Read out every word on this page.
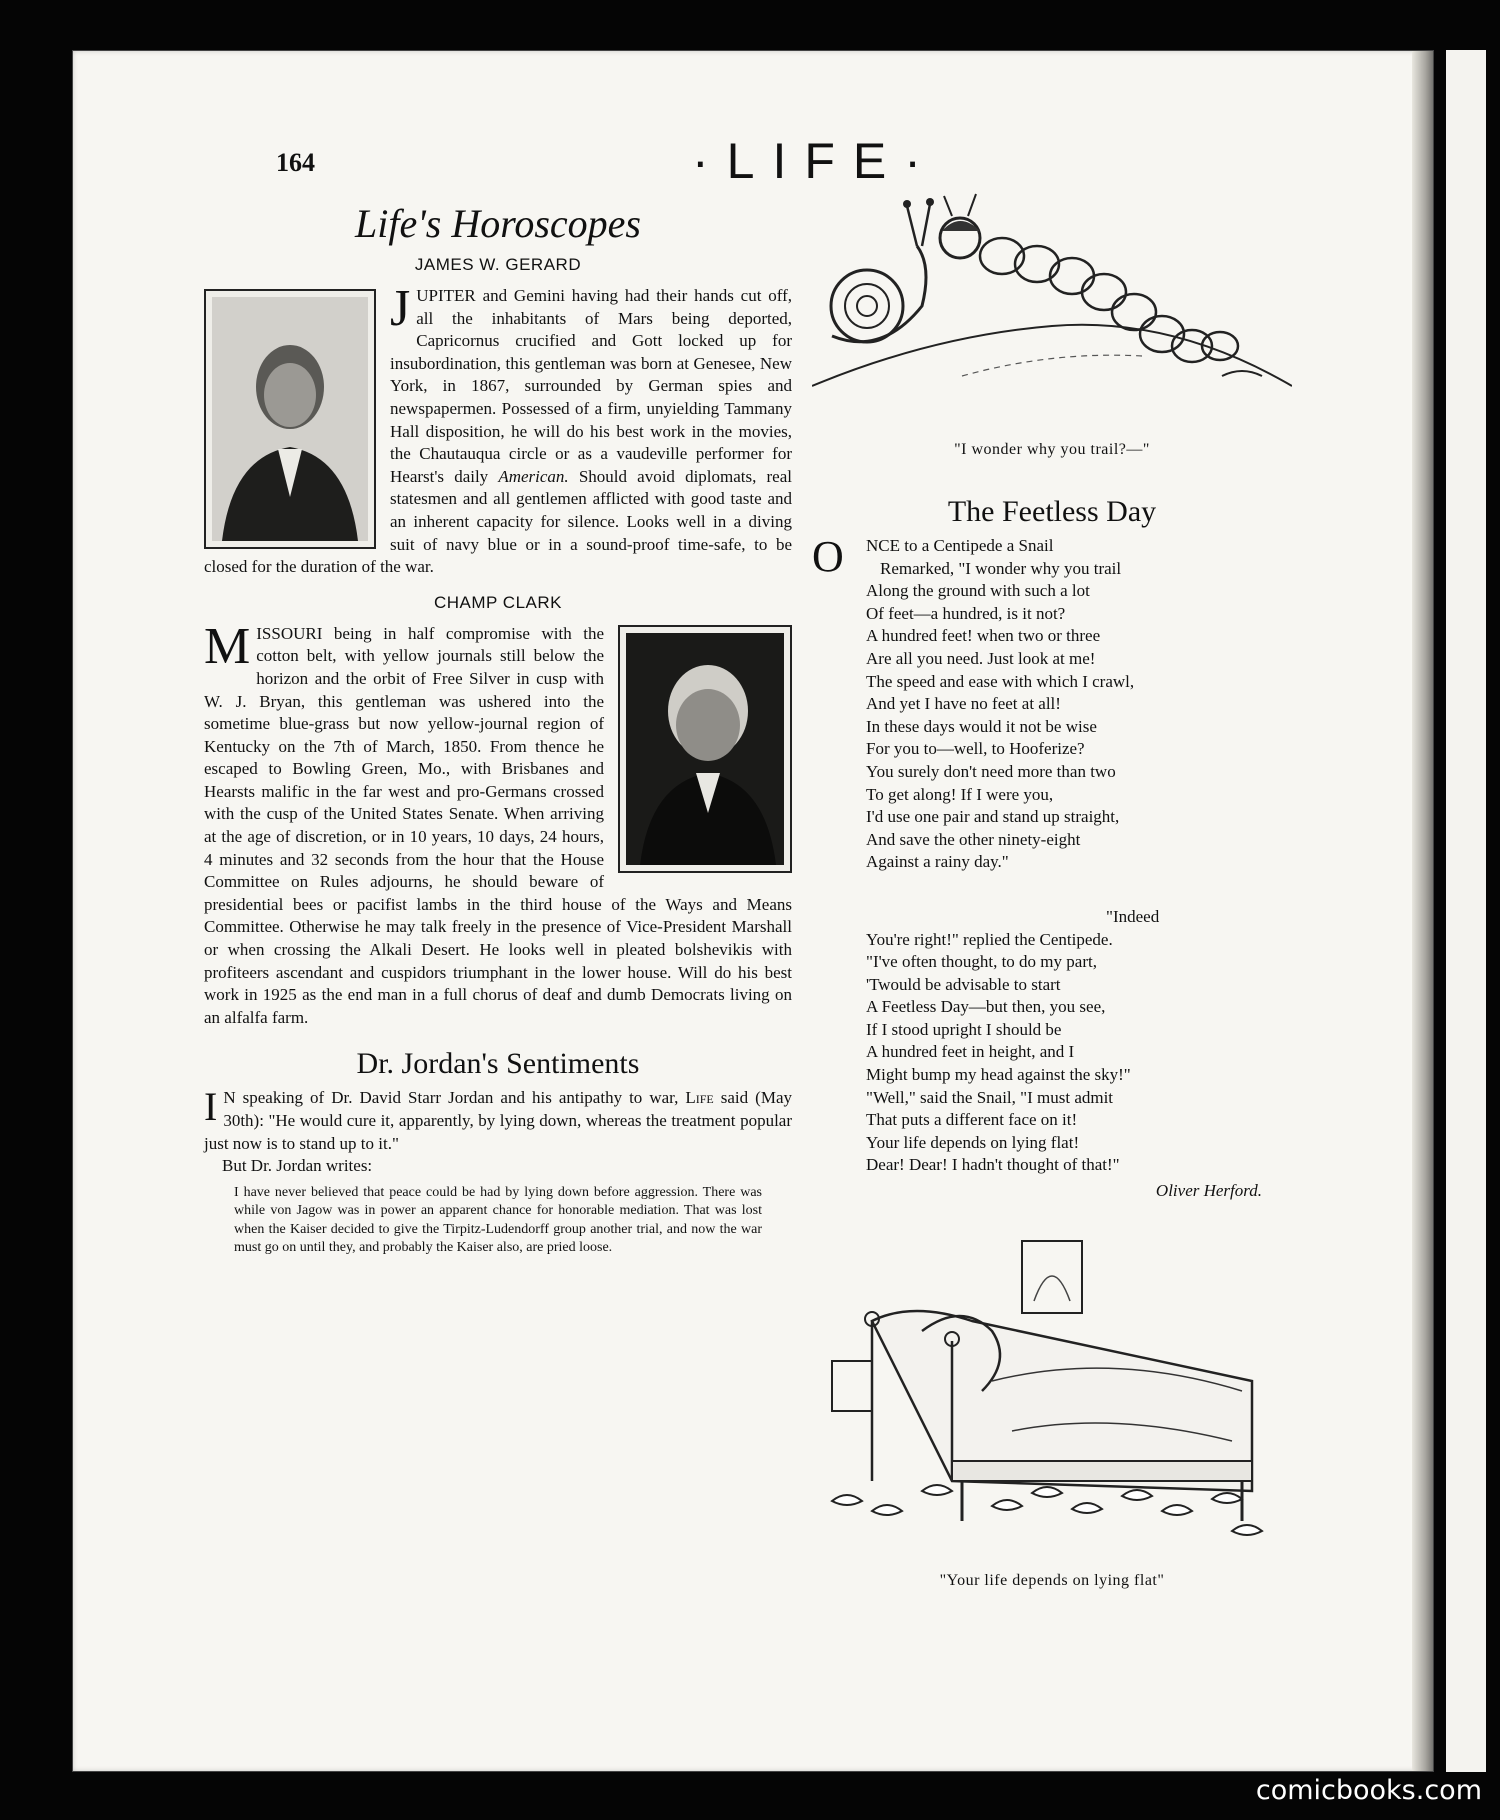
164	·LIFE·
Life's Horoscopes
JAMES W. GERARD

JUPITER and Gemini having had their hands cut off, all the inhabitants of Mars being deported, Capricornus crucified and Gott locked up for insubordination, this gentleman was born at Genesee, New York, in 1867, surrounded by German spies and newspapermen. Possessed of a firm, unyielding Tammany Hall disposition, he will do his best work in the movies, the Chautauqua circle or as a vaudeville performer for Hearst's daily American. Should avoid diplomats, real statesmen and all gentlemen afflicted with good taste and an inherent capacity for silence. Looks well in a diving suit of navy blue or in a sound-proof time-safe, to be closed for the duration of the war.

CHAMP CLARK

MISSOURI being in half compromise with the cotton belt, with yellow journals still below the horizon and the orbit of Free Silver in cusp with W. J. Bryan, this gentleman was ushered into the sometime blue-grass but now yellow-journal region of Kentucky on the 7th of March, 1850. From thence he escaped to Bowling Green, Mo., with Brisbanes and Hearsts malific in the far west and pro-Germans crossed with the cusp of the United States Senate. When arriving at the age of discretion, or in 10 years, 10 days, 24 hours, 4 minutes and 32 seconds from the hour that the House Committee on Rules adjourns, he should beware of presidential bees or pacifist lambs in the third house of the Ways and Means Committee. Otherwise he may talk freely in the presence of Vice-President Marshall or when crossing the Alkali Desert. He looks well in pleated bolshevikis with profiteers ascendant and cuspidors triumphant in the lower house. Will do his best work in 1925 as the end man in a full chorus of deaf and dumb Democrats living on an alfalfa farm.

Dr. Jordan's Sentiments

I N speaking of Dr. David Starr Jordan and his antipathy to war, Life said (May 30th): "He would cure it, apparently, by lying down, whereas the treatment popular just now is to stand up to it."

But Dr. Jordan writes:

I have never believed that peace could be had by lying down before aggression. There was while von Jagow was in power an apparent chance for honorable mediation. That was lost when the Kaiser decided to give the Tirpitz-Ludendorff group another trial, and now the war must go on until they, and probably the Kaiser also, are pried loose.

"I wonder why you trail?—"

The Feetless Day
O NCE to a Centipede a Snail
Remarked, "I wonder why you trail
Along the ground with such a lot
Of feet—a hundred, is it not?
A hundred feet! when two or three
Are all you need. Just look at me!
The speed and ease with which I crawl,
And yet I have no feet at all!
In these days would it not be wise
For you to—well, to Hooferize?
You surely don't need more than two
To get along! If I were you,
I'd use one pair and stand up straight,
And save the other ninety-eight
Against a rainy day."
"Indeed
You're right!" replied the Centipede.
"I've often thought, to do my part,
'Twould be advisable to start
A Feetless Day—but then, you see,
If I stood upright I should be
A hundred feet in height, and I
Might bump my head against the sky!"
"Well," said the Snail, "I must admit
That puts a different face on it!
Your life depends on lying flat!
Dear! Dear! I hadn't thought of that!"

Oliver Herford.

"Your life depends on lying flat"

comicbooks.com
